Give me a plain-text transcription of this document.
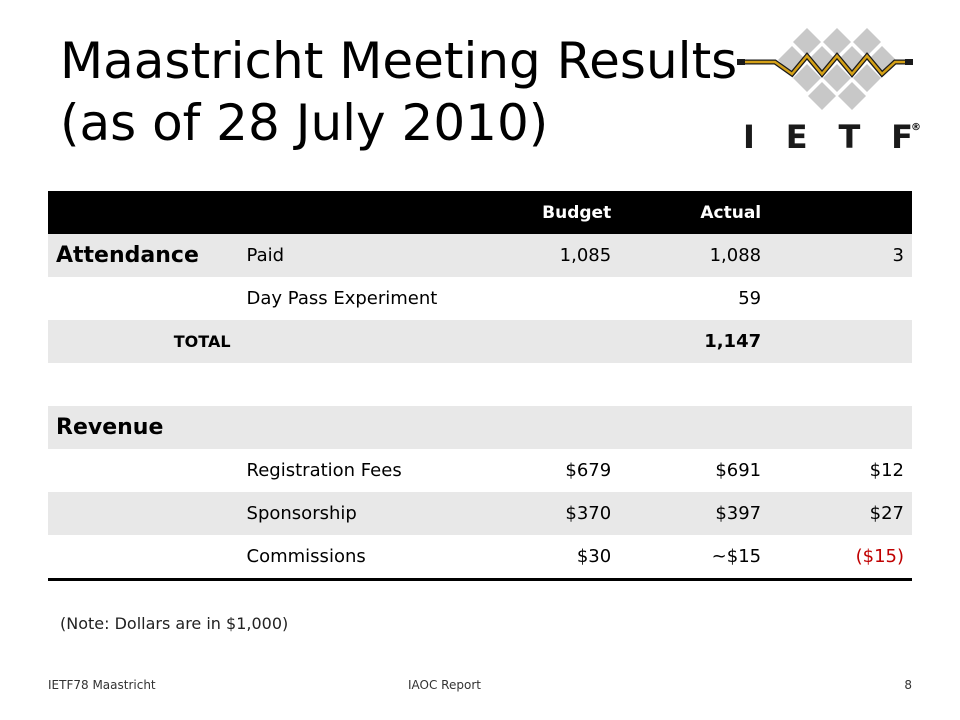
Maastricht Meeting Results
(as of 28 July 2010)	I E T F
®
		Budget	Actual	
Attendance	Paid	1,085	1,088	3
	Day Pass Experiment		59	
TOTAL			1,147	

Revenue				
	Registration Fees	$679	$691	$12
	Sponsorship	$370	$397	$27
	Commissions	$30	~$15	($15)
(Note: Dollars are in $1,000)
IETF78 Maastricht	IAOC Report	8
